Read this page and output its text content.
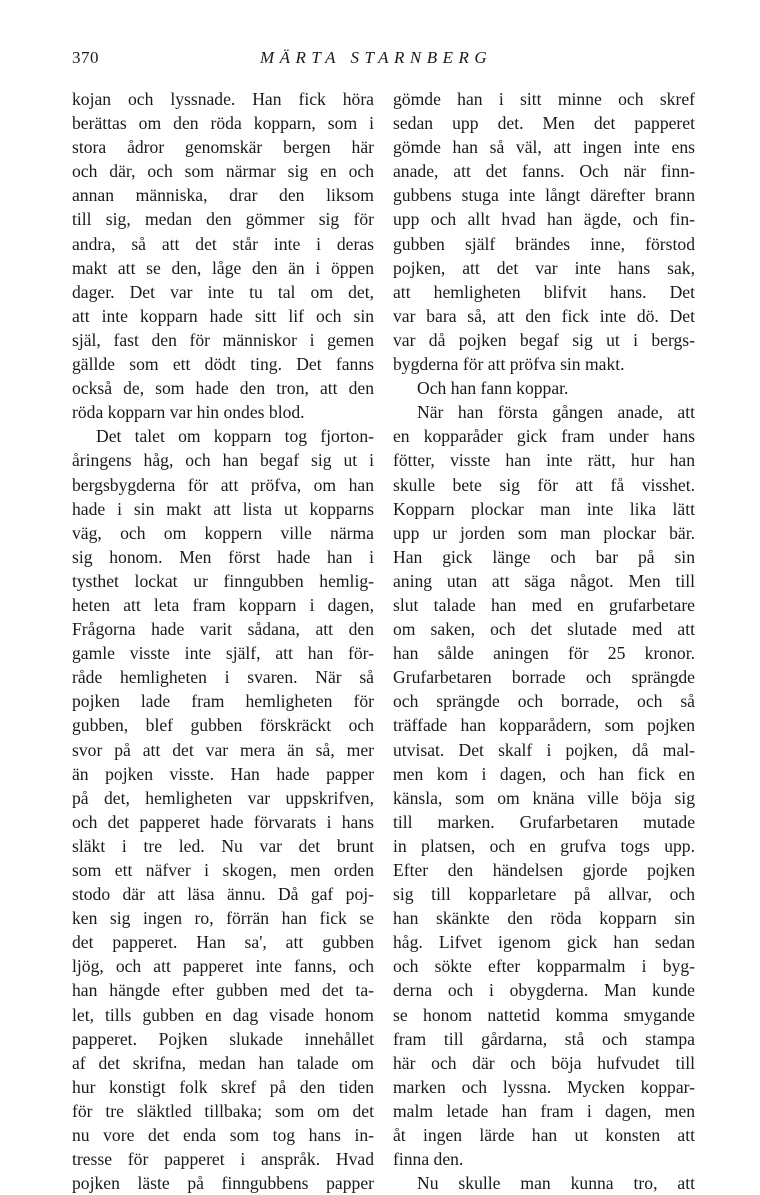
370	MÄRTA STARNBERG
kojan och lyssnade. Han fick höra
berättas om den röda kopparn, som i
stora ådror genomskär bergen här
och där, och som närmar sig en och
annan människa, drar den liksom
till sig, medan den gömmer sig för
andra, så att det står inte i deras
makt att se den, låge den än i öppen
dager. Det var inte tu tal om det,
att inte kopparn hade sitt lif och sin
själ, fast den för människor i gemen
gällde som ett dödt ting. Det fanns
också de, som hade den tron, att den
röda kopparn var hin ondes blod.
Det talet om kopparn tog fjorton-
åringens håg, och han begaf sig ut i
bergsbygderna för att pröfva, om han
hade i sin makt att lista ut kopparns
väg, och om koppern ville närma
sig honom. Men först hade han i
tysthet lockat ur finngubben hemlig-
heten att leta fram kopparn i dagen,
Frågorna hade varit sådana, att den
gamle visste inte själf, att han för-
råde hemligheten i svaren. När så
pojken lade fram hemligheten för
gubben, blef gubben förskräckt och
svor på att det var mera än så, mer
än pojken visste. Han hade papper
på det, hemligheten var uppskrifven,
och det papperet hade förvarats i hans
släkt i tre led. Nu var det brunt
som ett näfver i skogen, men orden
stodo där att läsa ännu. Då gaf poj-
ken sig ingen ro, förrän han fick se
det papperet. Han sa', att gubben
ljög, och att papperet inte fanns, och
han hängde efter gubben med det ta-
let, tills gubben en dag visade honom
papperet. Pojken slukade innehållet
af det skrifna, medan han talade om
hur konstigt folk skref på den tiden
för tre släktled tillbaka; som om det
nu vore det enda som tog hans in-
tresse för papperet i anspråk. Hvad
pojken läste på finngubbens papper
gömde han i sitt minne och skref
sedan upp det. Men det papperet
gömde han så väl, att ingen inte ens
anade, att det fanns. Och när finn-
gubbens stuga inte långt därefter brann
upp och allt hvad han ägde, och fin-
gubben själf brändes inne, förstod
pojken, att det var inte hans sak,
att hemligheten blifvit hans. Det
var bara så, att den fick inte dö. Det
var då pojken begaf sig ut i bergs-
bygderna för att pröfva sin makt.
Och han fann koppar.
När han första gången anade, att
en kopparåder gick fram under hans
fötter, visste han inte rätt, hur han
skulle bete sig för att få visshet.
Kopparn plockar man inte lika lätt
upp ur jorden som man plockar bär.
Han gick länge och bar på sin
aning utan att säga något. Men till
slut talade han med en grufarbetare
om saken, och det slutade med att
han sålde aningen för 25 kronor.
Grufarbetaren borrade och sprängde
och sprängde och borrade, och så
träffade han kopparådern, som pojken
utvisat. Det skalf i pojken, då mal-
men kom i dagen, och han fick en
känsla, som om knäna ville böja sig
till marken. Grufarbetaren mutade
in platsen, och en grufva togs upp.
Efter den händelsen gjorde pojken
sig till kopparletare på allvar, och
han skänkte den röda kopparn sin
håg. Lifvet igenom gick han sedan
och sökte efter kopparmalm i byg-
derna och i obygderna. Man kunde
se honom nattetid komma smygande
fram till gårdarna, stå och stampa
här och där och böja hufvudet till
marken och lyssna. Mycken koppar-
malm letade han fram i dagen, men
åt ingen lärde han ut konsten att
finna den.
Nu skulle man kunna tro, att
